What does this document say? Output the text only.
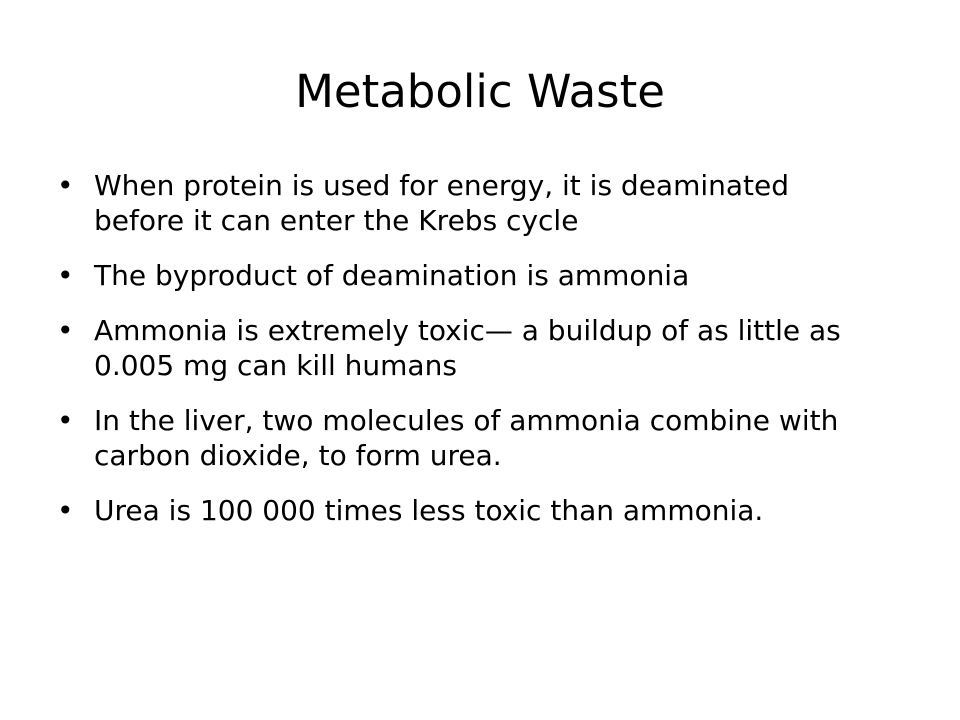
Metabolic Waste
• When protein is used for energy, it is deaminated before it can enter the Krebs cycle
• The byproduct of deamination is ammonia
• Ammonia is extremely toxic— a buildup of as little as 0.005 mg can kill humans
• In the liver, two molecules of ammonia combine with carbon dioxide, to form urea.
• Urea is 100 000 times less toxic than ammonia.
